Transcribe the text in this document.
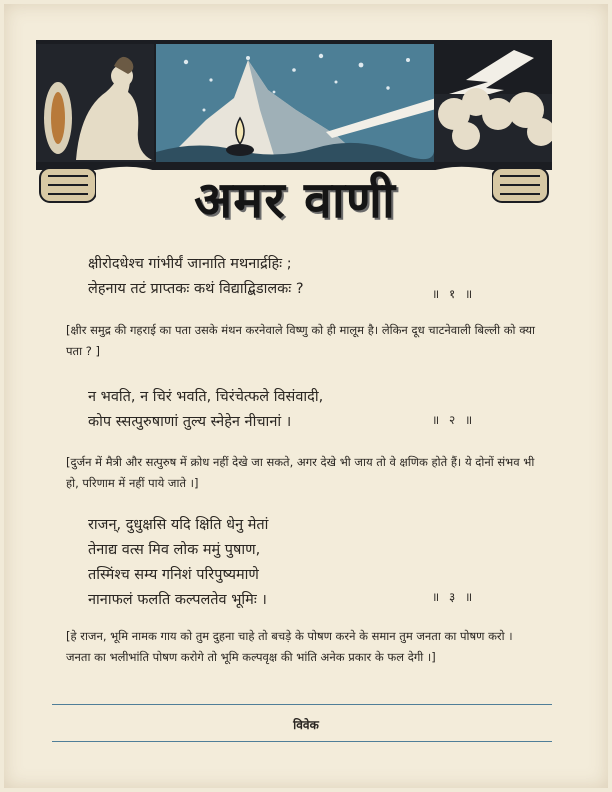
अमर वाणी
क्षीरोदधेश्च गांभीर्यं जानाति मथनार्द्रहिः ;
लेहनाय तटं प्राप्तकः कथं विद्याद्बिडालकः ?	॥ १ ॥
[क्षीर समुद्र की गहराई का पता उसके मंथन करनेवाले विष्णु को ही मालूम है। लेकिन दूध चाटनेवाली बिल्ली को क्या पता ? ]
न भवति, न चिरं भवति, चिरंचेत्फले विसंवादी,
कोप स्सत्पुरुषाणां तुल्य स्नेहेन नीचानां ।	॥ २ ॥
[दुर्जन में मैत्री और सत्पुरुष में क्रोध नहीं देखे जा सकते, अगर देखे भी जाय तो वे क्षणिक होते हैं। ये दोनों संभव भी हो, परिणाम में नहीं पाये जाते ।]
राजन्, दुधुक्षसि यदि क्षिति धेनु मेतां
तेनाद्य वत्स मिव लोक ममुं पुषाण,
तस्मिंश्च सम्य गनिशं परिपुष्यमाणे
नानाफलं फलति कल्पलतेव भूमिः ।	॥ ३ ॥
[हे राजन, भूमि नामक गाय को तुम दुहना चाहे तो बचड़े के पोषण करने के समान तुम जनता का पोषण करो । जनता का भलीभांति पोषण करोगे तो भूमि कल्पवृक्ष की भांति अनेक प्रकार के फल देगी ।]
विवेक
